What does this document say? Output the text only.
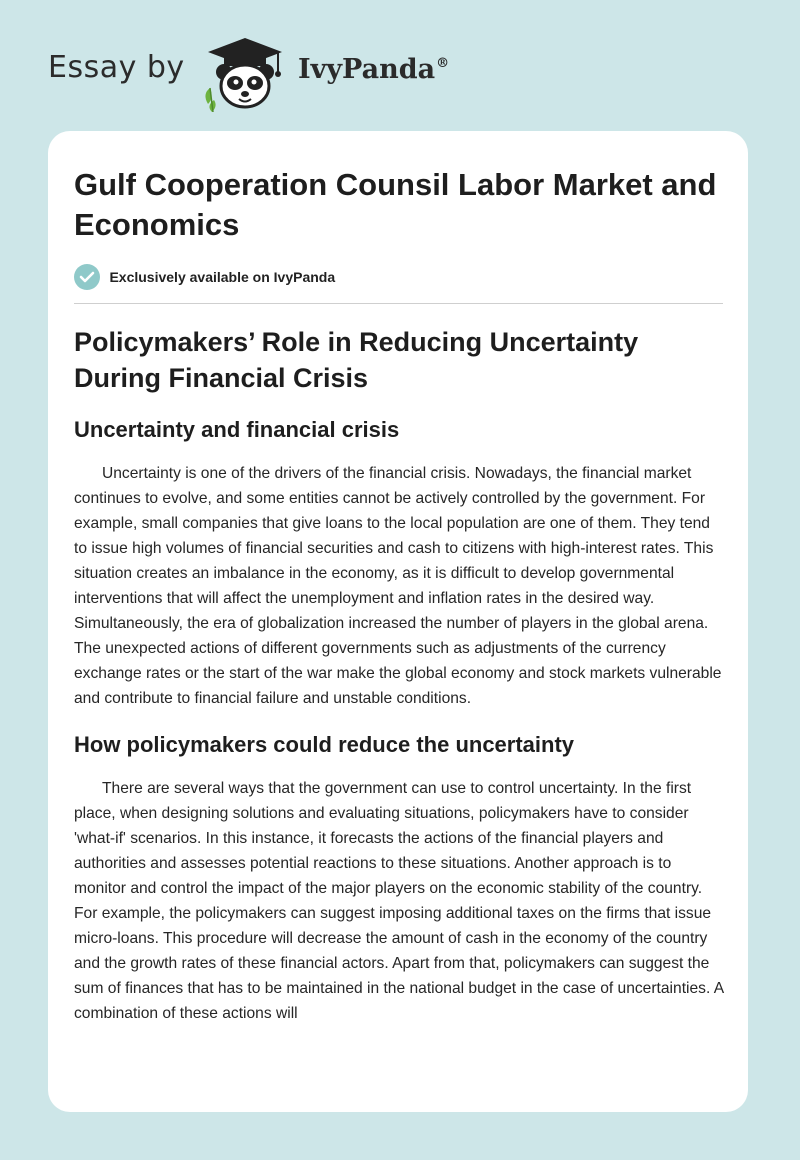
Essay by	IvyPanda®
Gulf Cooperation Counsil Labor Market and Economics
Exclusively available on IvyPanda
Policymakers’ Role in Reducing Uncertainty During Financial Crisis
Uncertainty and financial crisis

Uncertainty is one of the drivers of the financial crisis. Nowadays, the financial market continues to evolve, and some entities cannot be actively controlled by the government. For example, small companies that give loans to the local population are one of them. They tend to issue high volumes of financial securities and cash to citizens with high-interest rates. This situation creates an imbalance in the economy, as it is difficult to develop governmental interventions that will affect the unemployment and inflation rates in the desired way. Simultaneously, the era of globalization increased the number of players in the global arena. The unexpected actions of different governments such as adjustments of the currency exchange rates or the start of the war make the global economy and stock markets vulnerable and contribute to financial failure and unstable conditions.

How policymakers could reduce the uncertainty

There are several ways that the government can use to control uncertainty. In the first place, when designing solutions and evaluating situations, policymakers have to consider 'what-if' scenarios. In this instance, it forecasts the actions of the financial players and authorities and assesses potential reactions to these situations. Another approach is to monitor and control the impact of the major players on the economic stability of the country. For example, the policymakers can suggest imposing additional taxes on the firms that issue micro-loans. This procedure will decrease the amount of cash in the economy of the country and the growth rates of these financial actors. Apart from that, policymakers can suggest the sum of finances that has to be maintained in the national budget in the case of uncertainties. A combination of these actions will
